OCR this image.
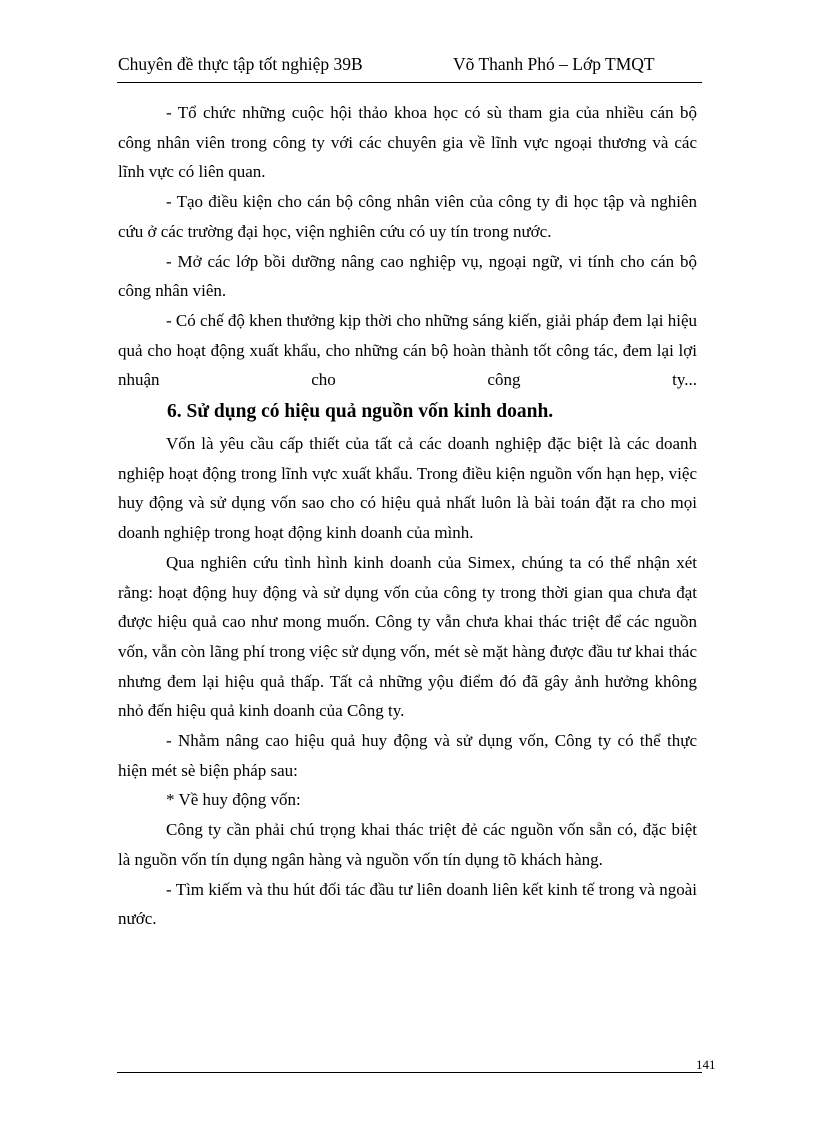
Chuyên đề thực tập tốt nghiệp 39B	Võ Thanh Phó – Lớp TMQT

- Tổ chức những cuộc hội thảo khoa học có sù tham gia của nhiều cán bộ công nhân viên trong công ty với các chuyên gia về lĩnh vực ngoại thương và các lĩnh vực có liên quan.

- Tạo điều kiện cho cán bộ công nhân viên của công ty đi học tập và nghiên cứu ở các trường đại học, viện nghiên cứu có uy tín trong nước.

- Mở các lớp bồi dưỡng nâng cao nghiệp vụ, ngoại ngữ, vi tính cho cán bộ công nhân viên.

- Có chế độ khen thưởng kịp thời cho những sáng kiến, giải pháp đem lại hiệu quả cho hoạt động xuất khẩu, cho những cán bộ hoàn thành tốt công tác, đem lại lợi nhuận cho công ty...

6. Sử dụng có hiệu quả nguồn vốn kinh doanh.

Vốn là yêu cầu cấp thiết của tất cả các doanh nghiệp đặc biệt là các doanh nghiệp hoạt động trong lĩnh vực xuất khẩu. Trong điều kiện nguồn vốn hạn hẹp, việc huy động và sử dụng vốn sao cho có hiệu quả nhất luôn là bài toán đặt ra cho mọi doanh nghiệp trong hoạt động kinh doanh của mình.

Qua nghiên cứu tình hình kinh doanh của Simex, chúng ta có thể nhận xét rằng: hoạt động huy động và sử dụng vốn của công ty trong thời gian qua chưa đạt được hiệu quả cao như mong muốn. Công ty vẫn chưa khai thác triệt để các nguồn vốn, vẫn còn lãng phí trong việc sử dụng vốn, mét sè mặt hàng được đầu tư khai thác nhưng đem lại hiệu quả thấp. Tất cả những yộu điểm đó đã gây ảnh hưởng không nhỏ đến hiệu quả kinh doanh của Công ty.

- Nhằm nâng cao hiệu quả huy động và sử dụng vốn, Công ty có thể thực hiện mét sè biện pháp sau:

* Về huy động vốn:

Công ty cần phải chú trọng khai thác triệt đẻ các nguồn vốn sẵn có, đặc biệt là nguồn vốn tín dụng ngân hàng và nguồn vốn tín dụng tõ khách hàng.

- Tìm kiếm và thu hút đối tác đầu tư liên doanh liên kết kinh tế trong và ngoài nước.

141
